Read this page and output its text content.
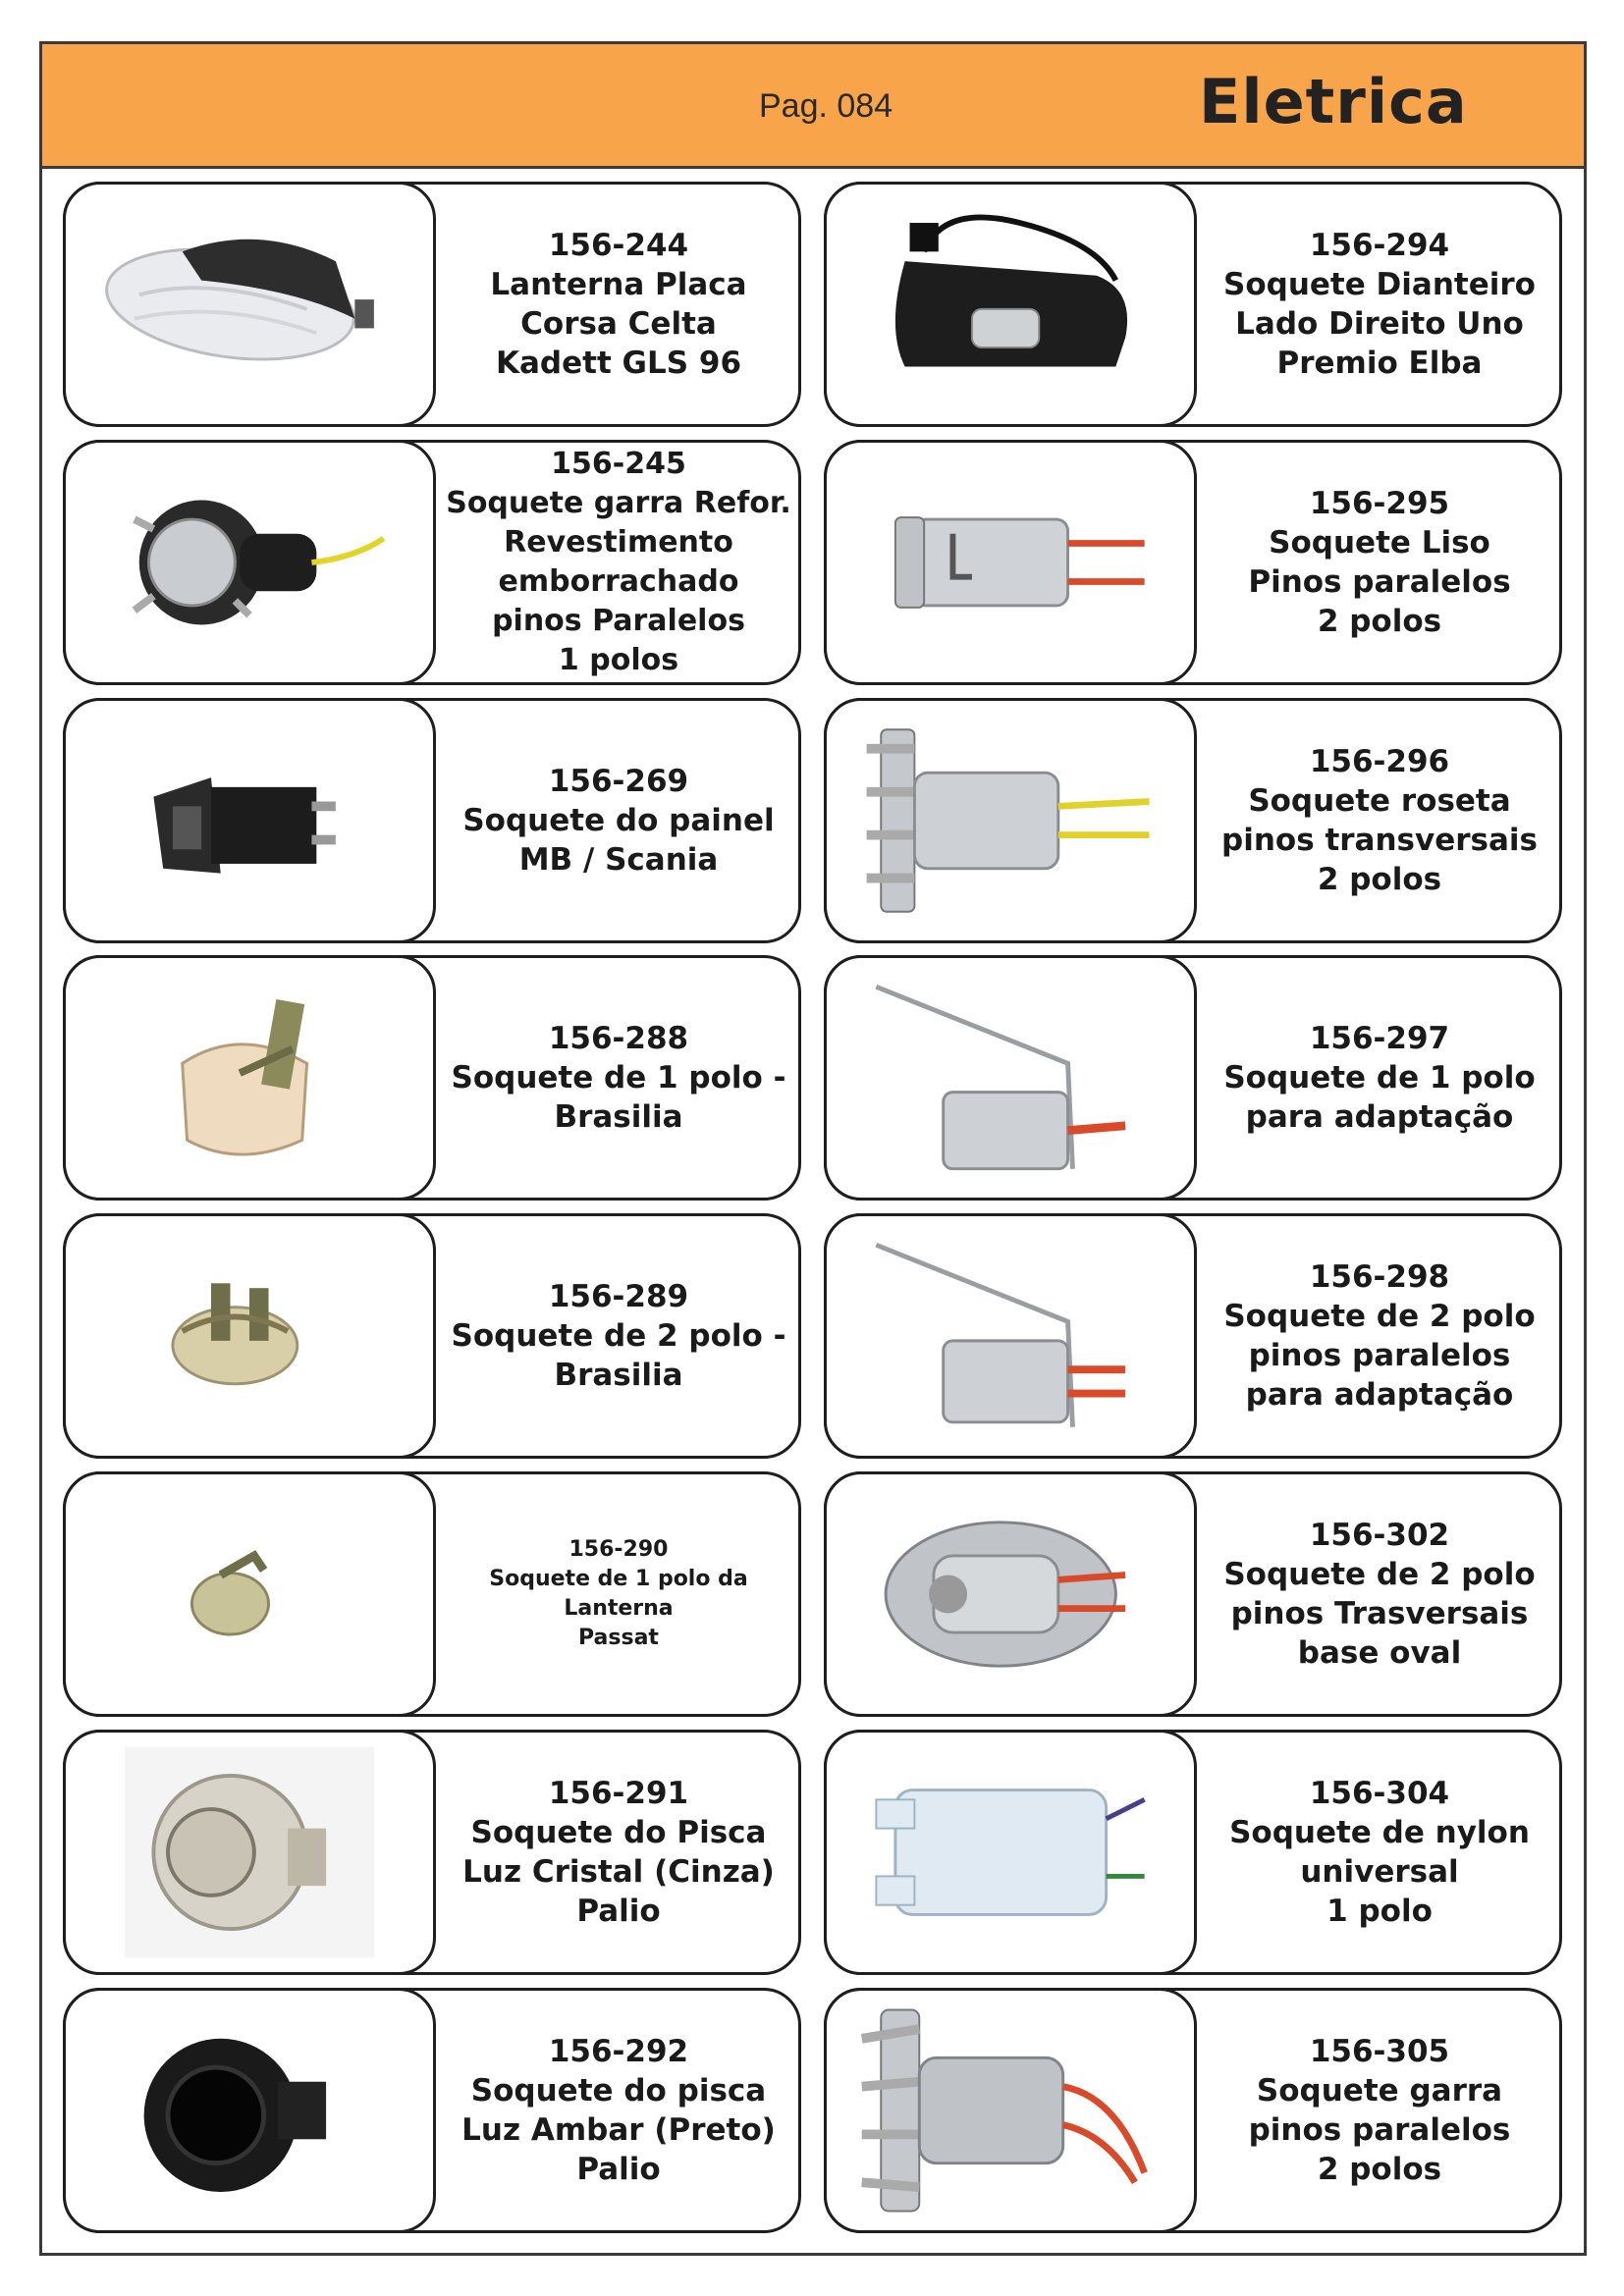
Pag. 084	Eletrica
156-244
Lanterna Placa
Corsa Celta
Kadett GLS 96
156-294
Soquete Dianteiro
Lado Direito Uno
Premio Elba
156-245
Soquete garra Refor.
Revestimento
emborrachado
pinos Paralelos
1 polos
156-295
Soquete Liso
Pinos paralelos
2 polos
156-269
Soquete do painel
MB / Scania
156-296
Soquete roseta
pinos transversais
2 polos
156-288
Soquete de 1 polo -
Brasilia
156-297
Soquete de 1 polo
para adaptação
156-289
Soquete de 2 polo -
Brasilia
156-298
Soquete de 2 polo
pinos paralelos
para adaptação
156-290
Soquete de 1 polo da
Lanterna
Passat
156-302
Soquete de 2 polo
pinos Trasversais
base oval
156-291
Soquete do Pisca
Luz Cristal (Cinza)
Palio
156-304
Soquete de nylon
universal
1 polo
156-292
Soquete do pisca
Luz Ambar (Preto)
Palio
156-305
Soquete garra
pinos paralelos
2 polos
